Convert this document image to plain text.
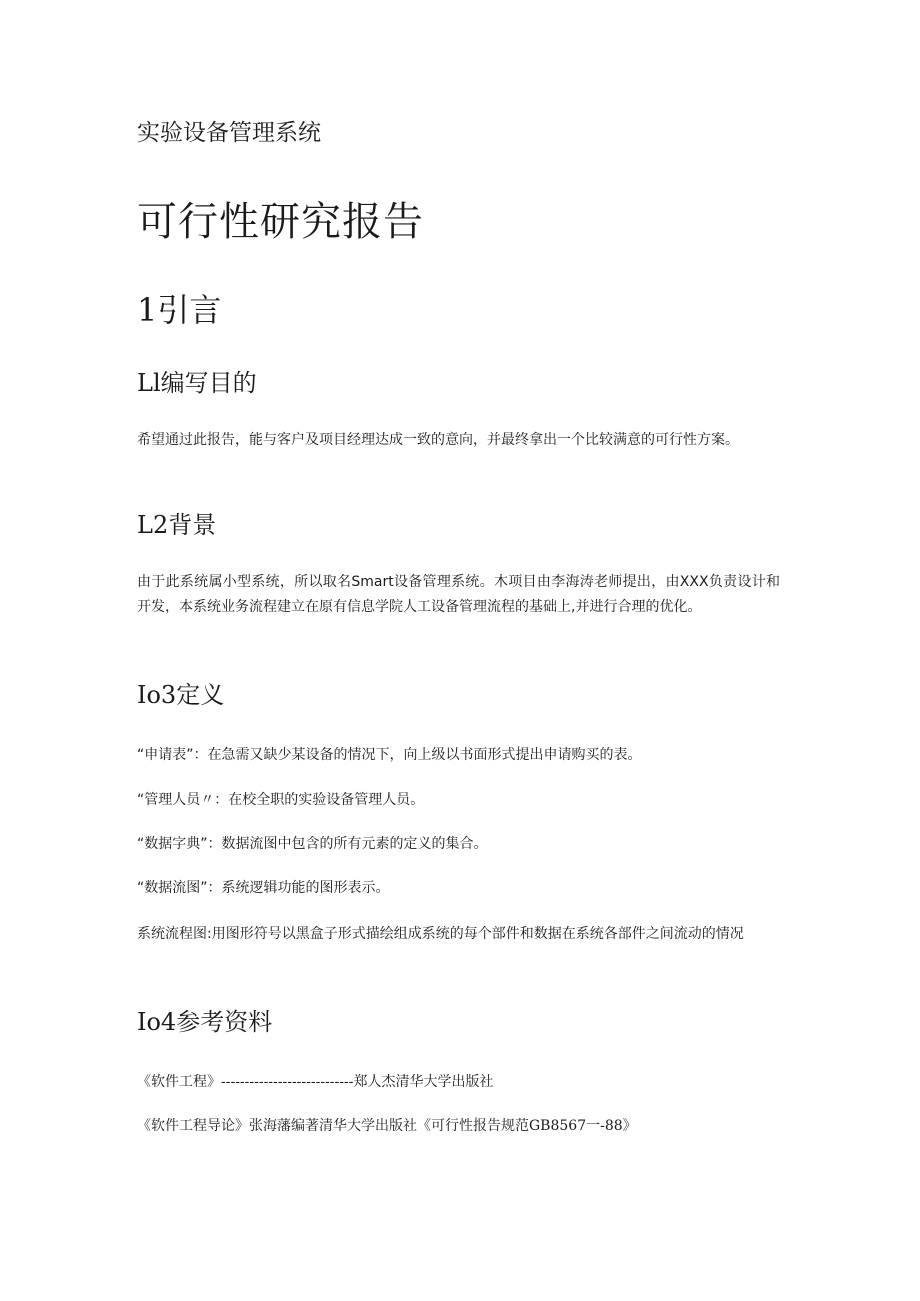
实验设备管理系统
可行性研究报告
1引言
Ll编写目的

希望通过此报告，能与客户及项目经理达成一致的意向，并最终拿出一个比较满意的可行性方案。

L2背景

由于此系统属小型系统，所以取名Smart设备管理系统。木项目由李海涛老师提出，由XXX负责设计和开发，本系统业务流程建立在原有信息学院人工设备管理流程的基础上,并进行合理的优化。

Io3定义

“申请表”：在急需又缺少某设备的情况下，向上级以书面形式提出申请购买的表。

“管理人员〃：在校全职的实验设备管理人员。

“数据字典”：数据流图中包含的所有元素的定义的集合。

“数据流图”：系统逻辑功能的图形表示。

系统流程图:用图形符号以黑盒子形式描绘组成系统的每个部件和数据在系统各部件之间流动的情况

Io4参考资料

《软件工程》----------------------------郑人杰清华大学出版社

《软件工程导论》张海藩编著清华大学出版社《可行性报告规范GB8567一-88》
